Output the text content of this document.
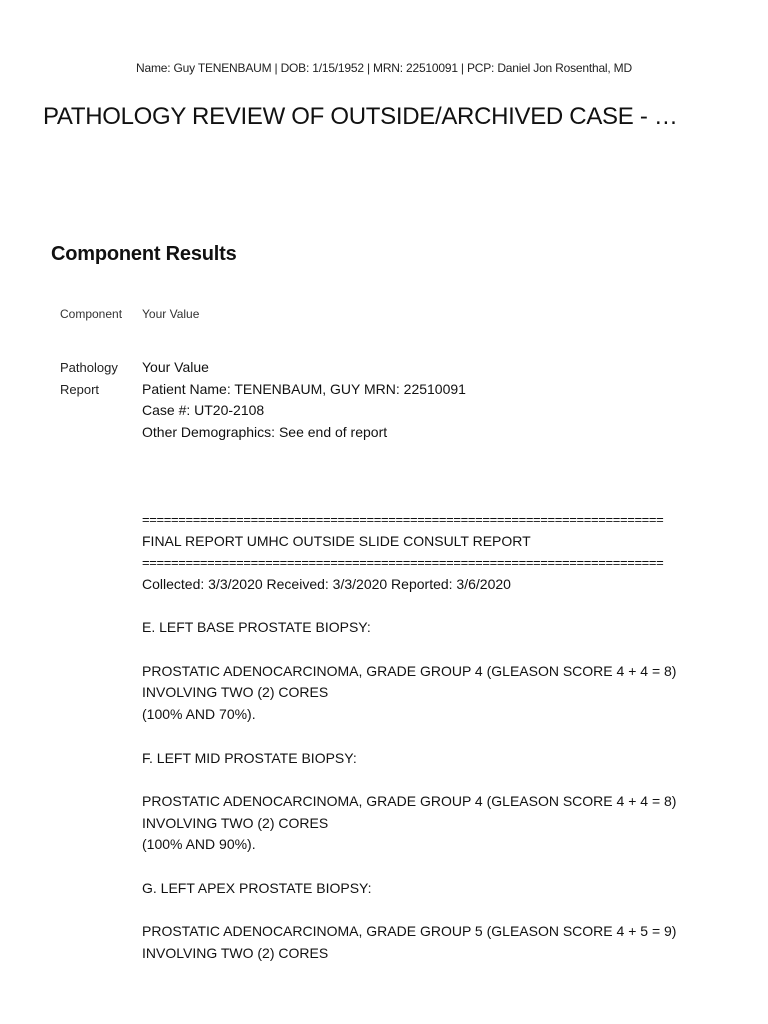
Name: Guy TENENBAUM | DOB: 1/15/1952 | MRN: 22510091 | PCP: Daniel Jon Rosenthal, MD
PATHOLOGY REVIEW OF OUTSIDE/ARCHIVED CASE - …
Component Results
Component Your Value
Pathology
Report
Your Value
Patient Name: TENENBAUM, GUY MRN: 22510091
Case #: UT20-2108
Other Demographics: See end of report
========================================================================
FINAL REPORT UMHC OUTSIDE SLIDE CONSULT REPORT
========================================================================
Collected: 3/3/2020 Received: 3/3/2020 Reported: 3/6/2020
E. LEFT BASE PROSTATE BIOPSY:
PROSTATIC ADENOCARCINOMA, GRADE GROUP 4 (GLEASON SCORE 4 + 4 = 8) INVOLVING TWO (2) CORES
(100% AND 70%).
F. LEFT MID PROSTATE BIOPSY:
PROSTATIC ADENOCARCINOMA, GRADE GROUP 4 (GLEASON SCORE 4 + 4 = 8) INVOLVING TWO (2) CORES
(100% AND 90%).
G. LEFT APEX PROSTATE BIOPSY:
PROSTATIC ADENOCARCINOMA, GRADE GROUP 5 (GLEASON SCORE 4 + 5 = 9) INVOLVING TWO (2) CORES
